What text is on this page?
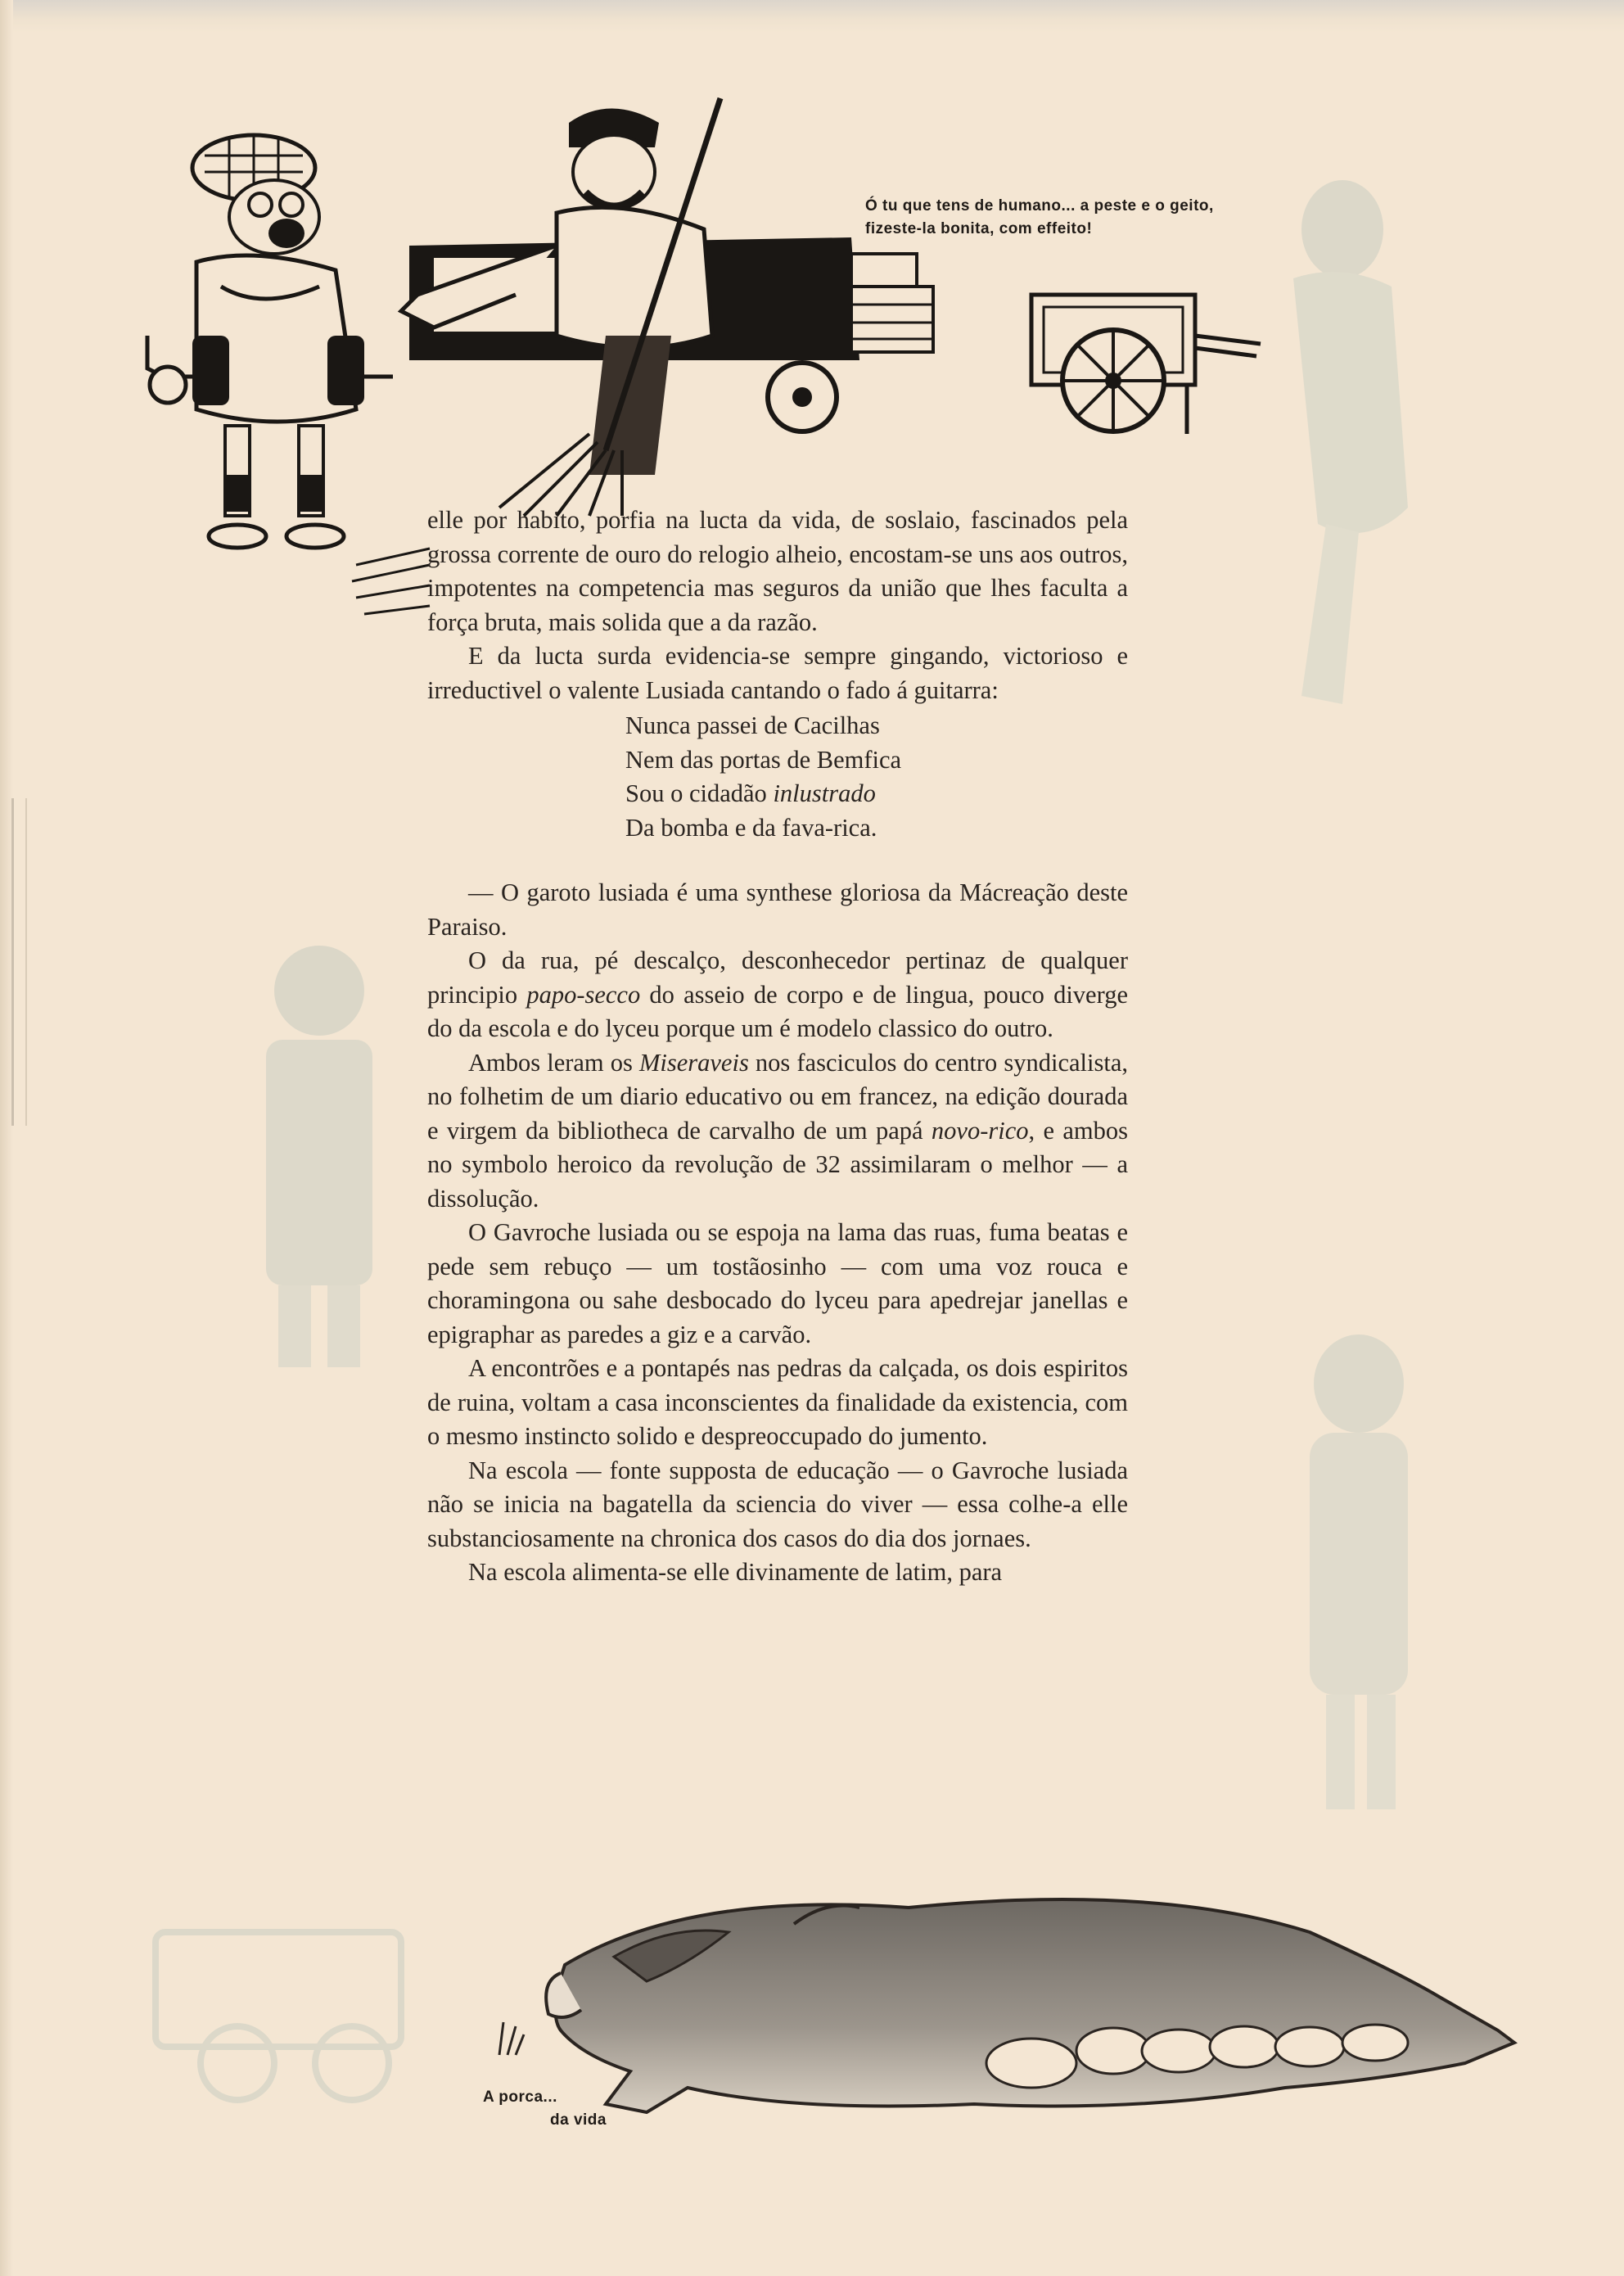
Ó tu que tens de humano... a peste e o geito,
fizeste-la bonita, com effeito!

elle por habito, porfia na lucta da vida, de soslaio, fascinados pela grossa corrente de ouro do relogio alheio, encostam-se uns aos outros, impotentes na competencia mas seguros da união que lhes faculta a força bruta, mais solida que a da razão.

E da lucta surda evidencia-se sempre gingando, victorioso e irreductivel o valente Lusiada cantando o fado á guitarra:

Nunca passei de Cacilhas
Nem das portas de Bemfica
Sou o cidadão inlustrado
Da bomba e da fava-rica.

— O garoto lusiada é uma synthese gloriosa da Mácreação deste Paraiso.

O da rua, pé descalço, desconhecedor pertinaz de qualquer principio papo-secco do asseio de corpo e de lingua, pouco diverge do da escola e do lyceu porque um é modelo classico do outro.

Ambos leram os Miseraveis nos fasciculos do centro syndicalista, no folhetim de um diario educativo ou em francez, na edição dourada e virgem da bibliotheca de carvalho de um papá novo-rico, e ambos no symbolo heroico da revolução de 32 assimilaram o melhor — a dissolução.

O Gavroche lusiada ou se espoja na lama das ruas, fuma beatas e pede sem rebuço — um tostãosinho — com uma voz rouca e choramingona ou sahe desbocado do lyceu para apedrejar janellas e epigraphar as paredes a giz e a carvão.

A encontrões e a pontapés nas pedras da calçada, os dois espiritos de ruina, voltam a casa inconscientes da finalidade da existencia, com o mesmo instincto solido e despreoccupado do jumento.

Na escola — fonte supposta de educação — o Gavroche lusiada não se inicia na bagatella da sciencia do viver — essa colhe-a elle substanciosamente na chronica dos casos do dia dos jornaes.

Na escola alimenta-se elle divinamente de latim, para

A porca...
da vida
